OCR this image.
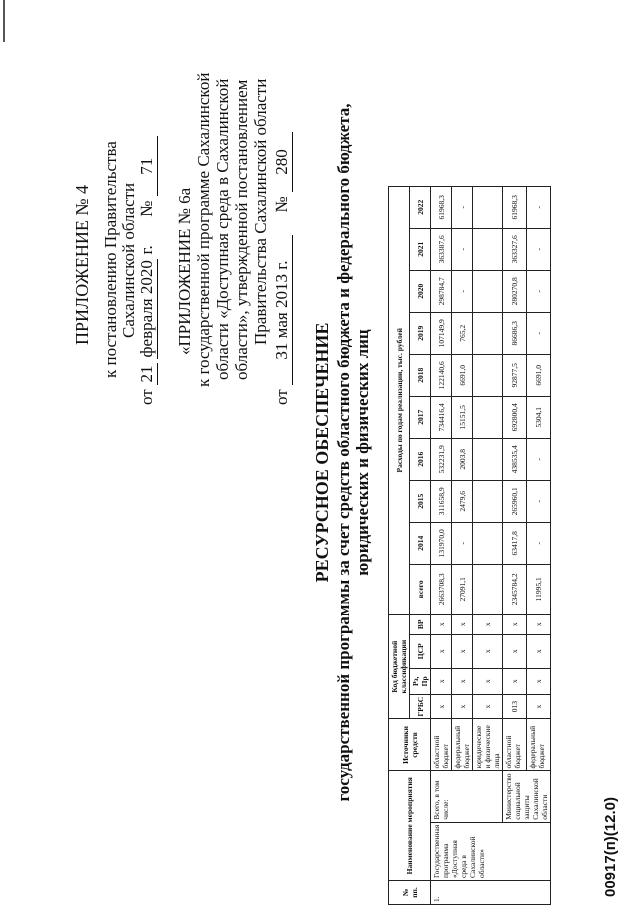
ПРИЛОЖЕНИЕ № 4 к постановлению Правительства Сахалинской области
от 21 февраля 2020 г.  № 71
«ПРИЛОЖЕНИЕ № 6а к государственной программе Сахалинской области «Доступная среда в Сахалинской области», утвержденной постановлением Правительства Сахалинской области
от 31 мая 2013 г.  № 280
РЕСУРСНОЕ ОБЕСПЕЧЕНИЕ государственной программы за счет средств областного бюджета и федерального бюджета, юридических и физических лиц
№ пп.	Наименование мероприятия		Источники средств	Код бюджетной классификации				Расходы по годам реализации, тыс. рублей									
				ГРБС	Рз, Пр	ЦСР	ВР	всего	2014	2015	2016	2017	2018	2019	2020	2021	2022
1.	Государственная программа «Доступная среда в Сахалинской области»	Всего, в том числе:	областной бюджет	x	x	x	x	2663708,3	131970,0	311658,9	532231,9	734416,4	122140,6	107149,9	298784,7	363387,6	61968,3
			федеральный бюджет	x	x	x	x	27091,1	-	2479,6	2003,8	15151,5	6691,0	765,2	-	-	-
			юридические и физические лица	x	x	x	x										
		Министерство социальной защиты Сахалинской области	областной бюджет	013	x	x	x	2345784,2	63417,8	265960,1	438535,4	692800,4	92877,5	86686,3	280270,8	363327,6	61968,3
			федеральный бюджет	x	x	x	x	11995,1	-	-	-	5304,1	6691,0	-	-	-	-
00917(п)(12.0)
